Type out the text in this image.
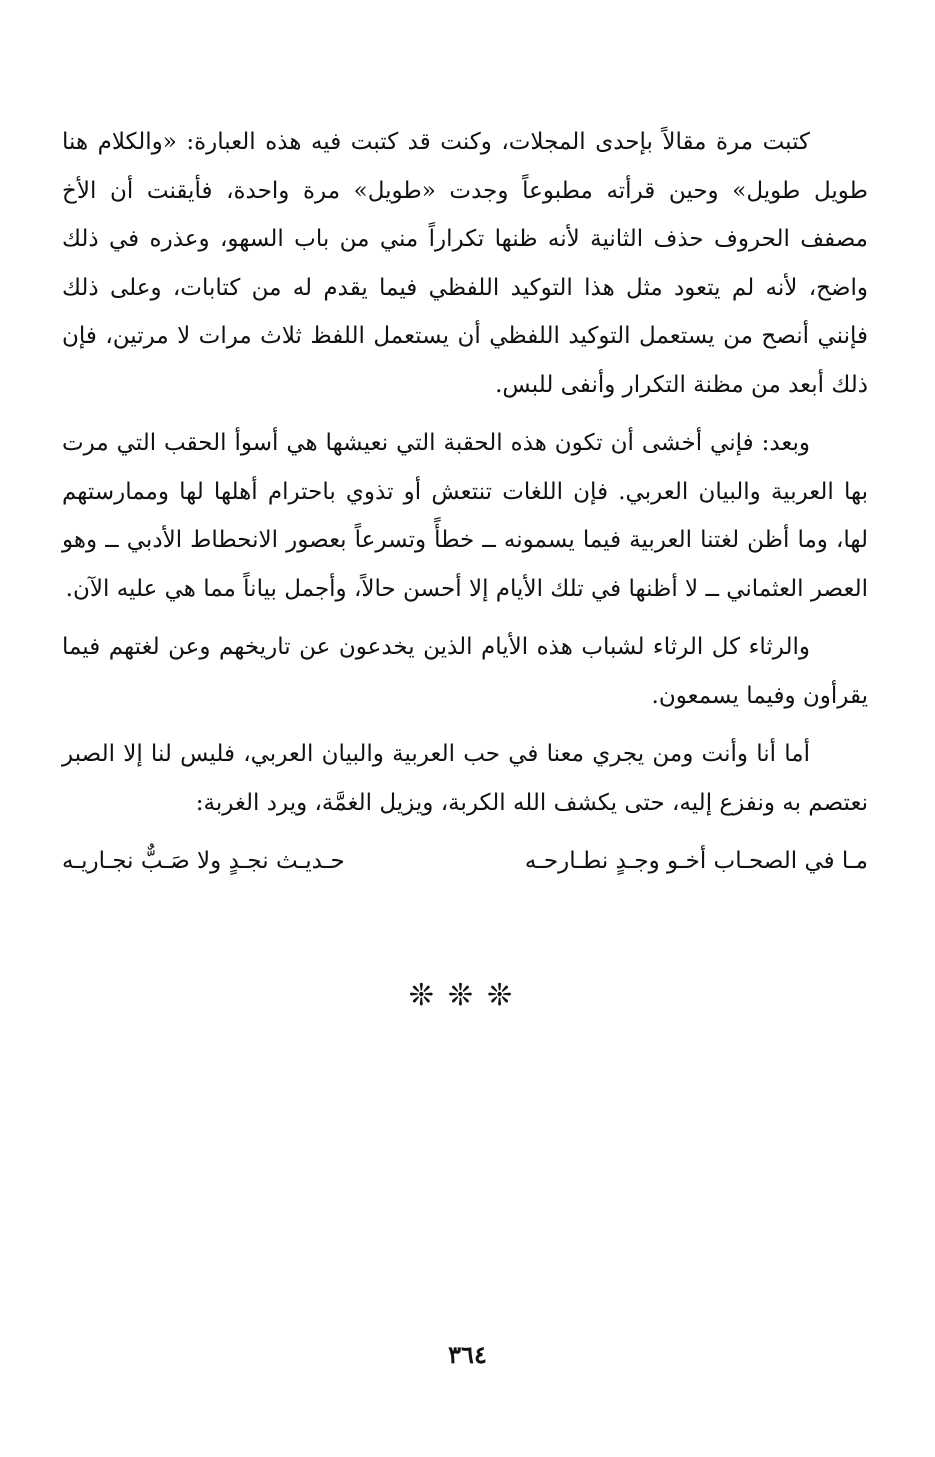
كتبت مرة مقالاً بإحدى المجلات، وكنت قد كتبت فيه هذه العبارة: «والكلام هنا طويل طويل» وحين قرأته مطبوعاً وجدت «طويل» مرة واحدة، فأيقنت أن الأخ مصفف الحروف حذف الثانية لأنه ظنها تكراراً مني من باب السهو، وعذره في ذلك واضح، لأنه لم يتعود مثل هذا التوكيد اللفظي فيما يقدم له من كتابات، وعلى ذلك فإنني أنصح من يستعمل التوكيد اللفظي أن يستعمل اللفظ ثلاث مرات لا مرتين، فإن ذلك أبعد من مظنة التكرار وأنفى للبس.

وبعد: فإني أخشى أن تكون هذه الحقبة التي نعيشها هي أسوأ الحقب التي مرت بها العربية والبيان العربي. فإن اللغات تنتعش أو تذوي باحترام أهلها لها وممارستهم لها، وما أظن لغتنا العربية فيما يسمونه ــ خطأً وتسرعاً بعصور الانحطاط الأدبي ــ وهو العصر العثماني ــ لا أظنها في تلك الأيام إلا أحسن حالاً، وأجمل بياناً مما هي عليه الآن.

والرثاء كل الرثاء لشباب هذه الأيام الذين يخدعون عن تاريخهم وعن لغتهم فيما يقرأون وفيما يسمعون.

أما أنا وأنت ومن يجري معنا في حب العربية والبيان العربي، فليس لنا إلا الصبر نعتصم به ونفزع إليه، حتى يكشف الله الكربة، ويزيل الغمَّة، ويرد الغربة:

مـا في الصحـاب أخـو وجـدٍ نطـارحـه
حـديـث نجـدٍ ولا صَـبٌّ نجـاريـه
❊❊❊
٣٦٤
